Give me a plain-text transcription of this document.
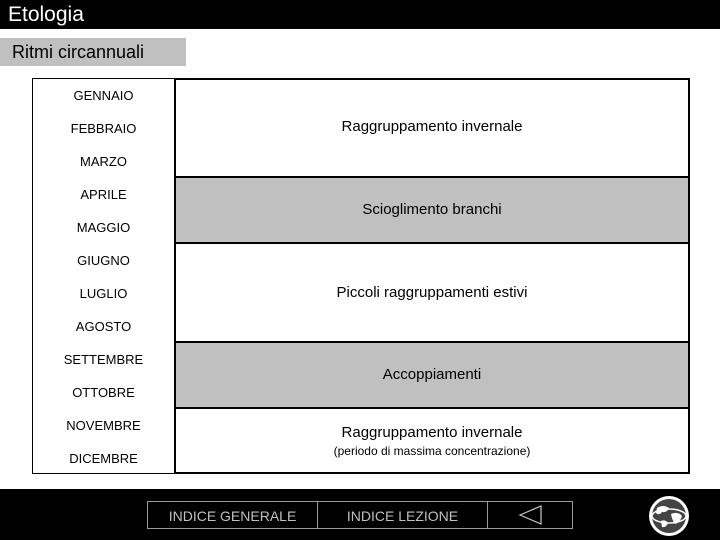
Etologia
Ritmi circannuali
GENNAIO
FEBBRAIO
MARZO
APRILE
MAGGIO
GIUGNO
LUGLIO
AGOSTO
SETTEMBRE
OTTOBRE
NOVEMBRE
DICEMBRE
Raggruppamento invernale
Scioglimento branchi
Piccoli raggruppamenti estivi
Accoppiamenti
Raggruppamento invernale
(periodo di massima concentrazione)
INDICE GENERALE	INDICE LEZIONE
